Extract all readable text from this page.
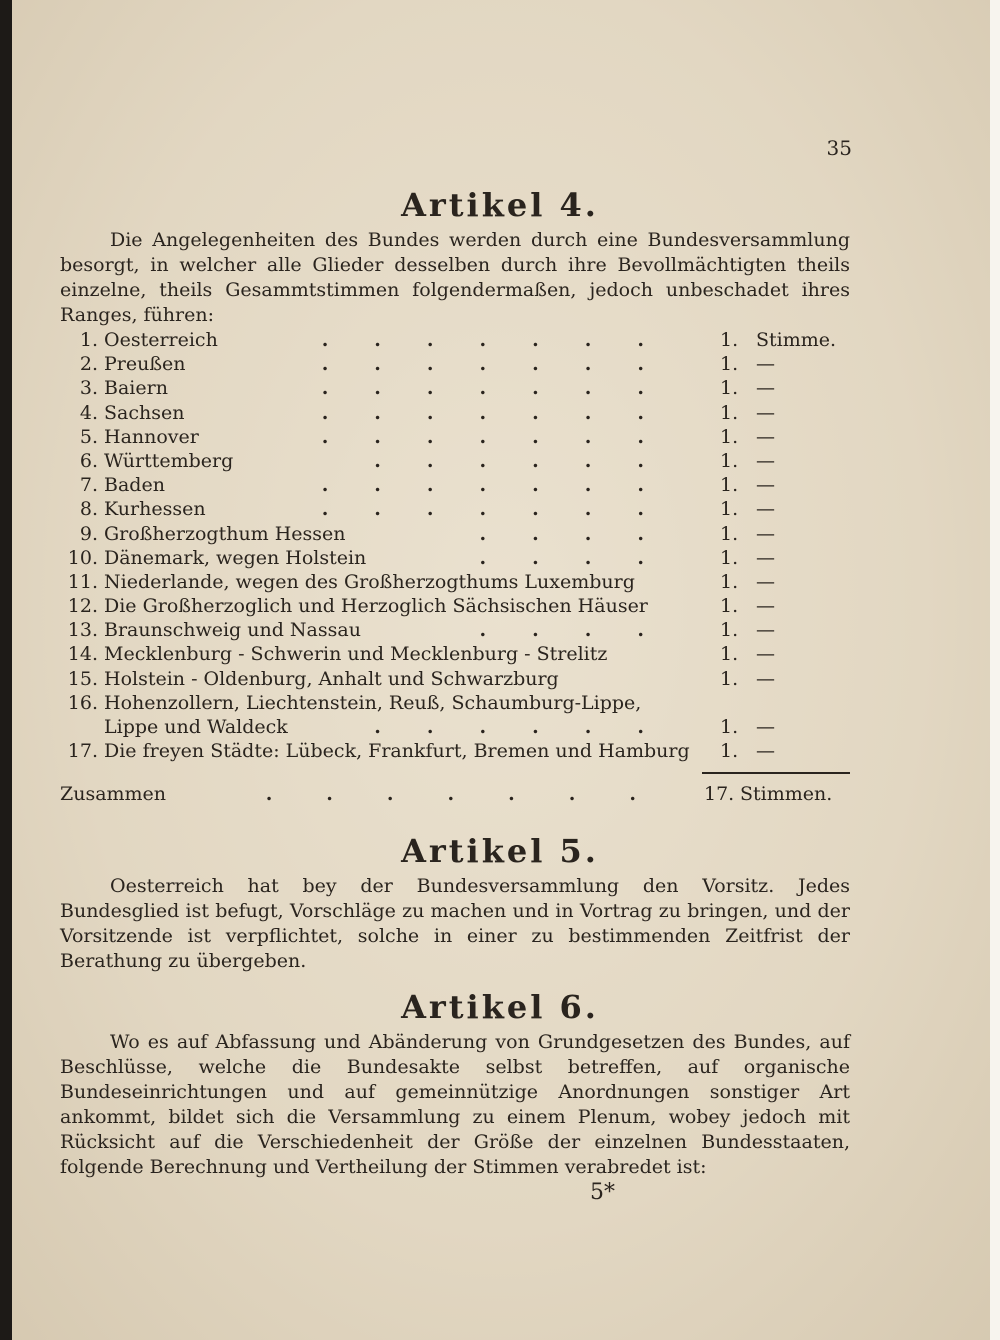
35
Artikel 4.

Die Angelegenheiten des Bundes werden durch eine Bundesversammlung besorgt, in welcher alle Glieder desselben durch ihre Bevollmächtigten theils einzelne, theils Gesammtstimmen folgendermaßen, jedoch unbeschadet ihres Ranges, führen:

1. Oesterreich	....... 1. Stimme.
2. Preußen	....... 1. —
3. Baiern	....... 1. —
4. Sachsen	....... 1. —
5. Hannover	....... 1. —
6. Württemberg	...... 1. —
7. Baden	....... 1. —
8. Kurhessen	....... 1. —
9. Großherzogthum Hessen	.... 1. —
10. Dänemark, wegen Holstein	.... 1. —
11. Niederlande, wegen des Großherzogthums Luxemburg	1. —
12. Die Großherzoglich und Herzoglich Sächsischen Häuser	1. —
13. Braunschweig und Nassau	.... 1. —
14. Mecklenburg - Schwerin und Mecklenburg - Strelitz	1. —
15. Holstein - Oldenburg, Anhalt und Schwarzburg	1. —
16. Hohenzollern, Liechtenstein, Reuß, Schaumburg-Lippe,
Lippe und Waldeck	...... 1. —
17. Die freyen Städte: Lübeck, Frankfurt, Bremen und Hamburg	1. —
Zusammen	....... 17. Stimmen.
Artikel 5.

Oesterreich hat bey der Bundesversammlung den Vorsitz. Jedes Bundesglied ist befugt, Vorschläge zu machen und in Vortrag zu bringen, und der Vorsitzende ist verpflichtet, solche in einer zu bestimmenden Zeitfrist der Berathung zu übergeben.

Artikel 6.

Wo es auf Abfassung und Abänderung von Grundgesetzen des Bundes, auf Beschlüsse, welche die Bundesakte selbst betreffen, auf organische Bundeseinrichtungen und auf gemeinnützige Anordnungen sonstiger Art ankommt, bildet sich die Versammlung zu einem Plenum, wobey jedoch mit Rücksicht auf die Verschiedenheit der Größe der einzelnen Bundesstaaten, folgende Berechnung und Vertheilung der Stimmen verabredet ist:

5*
